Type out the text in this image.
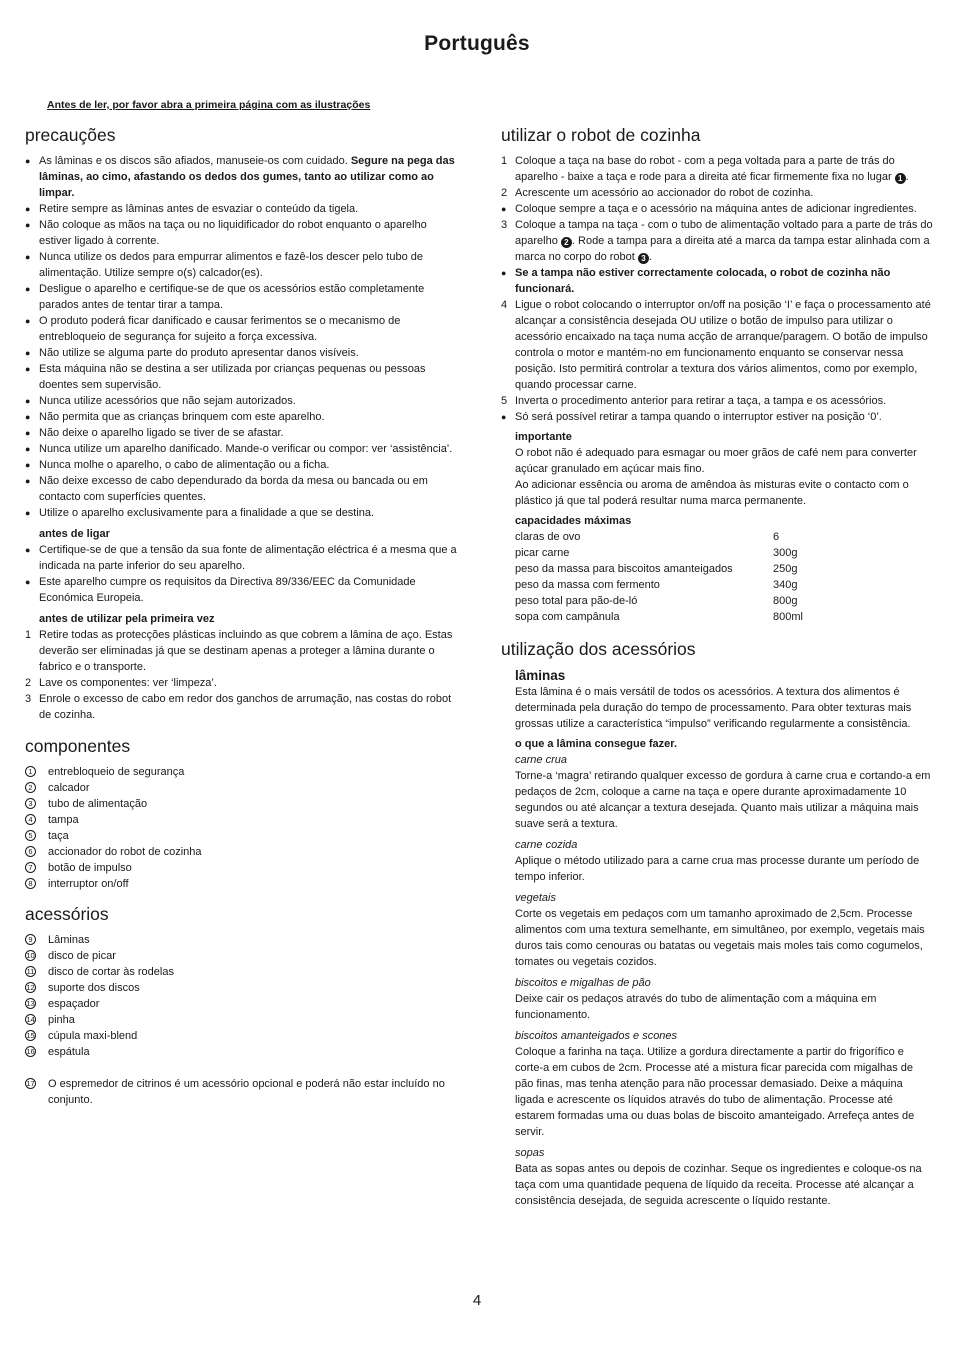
Português
Antes de ler, por favor abra a primeira página com as ilustrações
precauções
● As lâminas e os discos são afiados, manuseie-os com cuidado. Segure na pega das lâminas, ao cimo, afastando os dedos dos gumes, tanto ao utilizar como ao limpar.
● Retire sempre as lâminas antes de esvaziar o conteúdo da tigela.
● Não coloque as mãos na taça ou no liquidificador do robot enquanto o aparelho estiver ligado à corrente.
● Nunca utilize os dedos para empurrar alimentos e fazê-los descer pelo tubo de alimentação. Utilize sempre o(s) calcador(es).
● Desligue o aparelho e certifique-se de que os acessórios estão completamente parados antes de tentar tirar a tampa.
● O produto poderá ficar danificado e causar ferimentos se o mecanismo de entrebloqueio de segurança for sujeito a força excessiva.
● Não utilize se alguma parte do produto apresentar danos visíveis.
● Esta máquina não se destina a ser utilizada por crianças pequenas ou pessoas doentes sem supervisão.
● Nunca utilize acessórios que não sejam autorizados.
● Não permita que as crianças brinquem com este aparelho.
● Não deixe o aparelho ligado se tiver de se afastar.
● Nunca utilize um aparelho danificado. Mande-o verificar ou compor: ver ‘assistência’.
● Nunca molhe o aparelho, o cabo de alimentação ou a ficha.
● Não deixe excesso de cabo dependurado da borda da mesa ou bancada ou em contacto com superfícies quentes.
● Utilize o aparelho exclusivamente para a finalidade a que se destina.
antes de ligar
● Certifique-se de que a tensão da sua fonte de alimentação eléctrica é a mesma que a indicada na parte inferior do seu aparelho.
● Este aparelho cumpre os requisitos da Directiva 89/336/EEC da Comunidade Económica Europeia.
antes de utilizar pela primeira vez
1 Retire todas as protecções plásticas incluindo as que cobrem a lâmina de aço. Estas deverão ser eliminadas já que se destinam apenas a proteger a lâmina durante o fabrico e o transporte.
2 Lave os componentes: ver ‘limpeza’.
3 Enrole o excesso de cabo em redor dos ganchos de arrumação, nas costas do robot de cozinha.
componentes
1	entrebloqueio de segurança
2	calcador
3	tubo de alimentação
4	tampa
5	taça
6	accionador do robot de cozinha
7	botão de impulso
8	interruptor on/off
acessórios
9	Lâminas
10	disco de picar
11	disco de cortar às rodelas
12	suporte dos discos
13	espaçador
14	pinha
15	cúpula maxi-blend
16	espátula
17	O espremedor de citrinos é um acessório opcional e poderá não estar incluído no conjunto.
utilizar o robot de cozinha
1 Coloque a taça na base do robot - com a pega voltada para a parte de trás do aparelho - baixe a taça e rode para a direita até ficar firmemente fixa no lugar 1 .
2 Acrescente um acessório ao accionador do robot de cozinha.
● Coloque sempre a taça e o acessório na máquina antes de adicionar ingredientes.
3 Coloque a tampa na taça - com o tubo de alimentação voltado para a parte de trás do aparelho 2 . Rode a tampa para a direita até a marca da tampa estar alinhada com a marca no corpo do robot 3 .
● Se a tampa não estiver correctamente colocada, o robot de cozinha não funcionará.
4 Ligue o robot colocando o interruptor on/off na posição ‘I’ e faça o processamento até alcançar a consistência desejada OU utilize o botão de impulso para utilizar o acessório encaixado na taça numa acção de arranque/paragem. O botão de impulso controla o motor e mantém-no em funcionamento enquanto se conservar nessa posição. Isto permitirá controlar a textura dos vários alimentos, como por exemplo, quando processar carne.
5 Inverta o procedimento anterior para retirar a taça, a tampa e os acessórios.
● Só será possível retirar a tampa quando o interruptor estiver na posição ‘0’.
importante
O robot não é adequado para esmagar ou moer grãos de café nem para converter açúcar granulado em açúcar mais fino.
Ao adicionar essência ou aroma de amêndoa às misturas evite o contacto com o plástico já que tal poderá resultar numa marca permanente.
capacidades máximas
claras de ovo	6
picar carne	300g
peso da massa para biscoitos amanteigados	250g
peso da massa com fermento	340g
peso total para pão-de-ló	800g
sopa com campânula	800ml
utilização dos acessórios
lâminas
Esta lâmina é o mais versátil de todos os acessórios. A textura dos alimentos é determinada pela duração do tempo de processamento. Para obter texturas mais grossas utilize a característica “impulso” verificando regularmente a consistência.
o que a lâmina consegue fazer.
carne crua
Torne-a ‘magra’ retirando qualquer excesso de gordura à carne crua e cortando-a em pedaços de 2cm, coloque a carne na taça e opere durante aproximadamente 10 segundos ou até alcançar a textura desejada. Quanto mais utilizar a máquina mais suave será a textura.
carne cozida
Aplique o método utilizado para a carne crua mas processe durante um período de tempo inferior.
vegetais
Corte os vegetais em pedaços com um tamanho aproximado de 2,5cm. Processe alimentos com uma textura semelhante, em simultâneo, por exemplo, vegetais mais duros tais como cenouras ou batatas ou vegetais mais moles tais como cogumelos, tomates ou vegetais cozidos.
biscoitos e migalhas de pão
Deixe cair os pedaços através do tubo de alimentação com a máquina em funcionamento.
biscoitos amanteigados e scones
Coloque a farinha na taça. Utilize a gordura directamente a partir do frigorífico e corte-a em cubos de 2cm. Processe até a mistura ficar parecida com migalhas de pão finas, mas tenha atenção para não processar demasiado. Deixe a máquina ligada e acrescente os líquidos através do tubo de alimentação. Processe até estarem formadas uma ou duas bolas de biscoito amanteigado. Arrefeça antes de servir.
sopas
Bata as sopas antes ou depois de cozinhar. Seque os ingredientes e coloque-os na taça com uma quantidade pequena de líquido da receita. Processe até alcançar a consistência desejada, de seguida acrescente o líquido restante.
4
